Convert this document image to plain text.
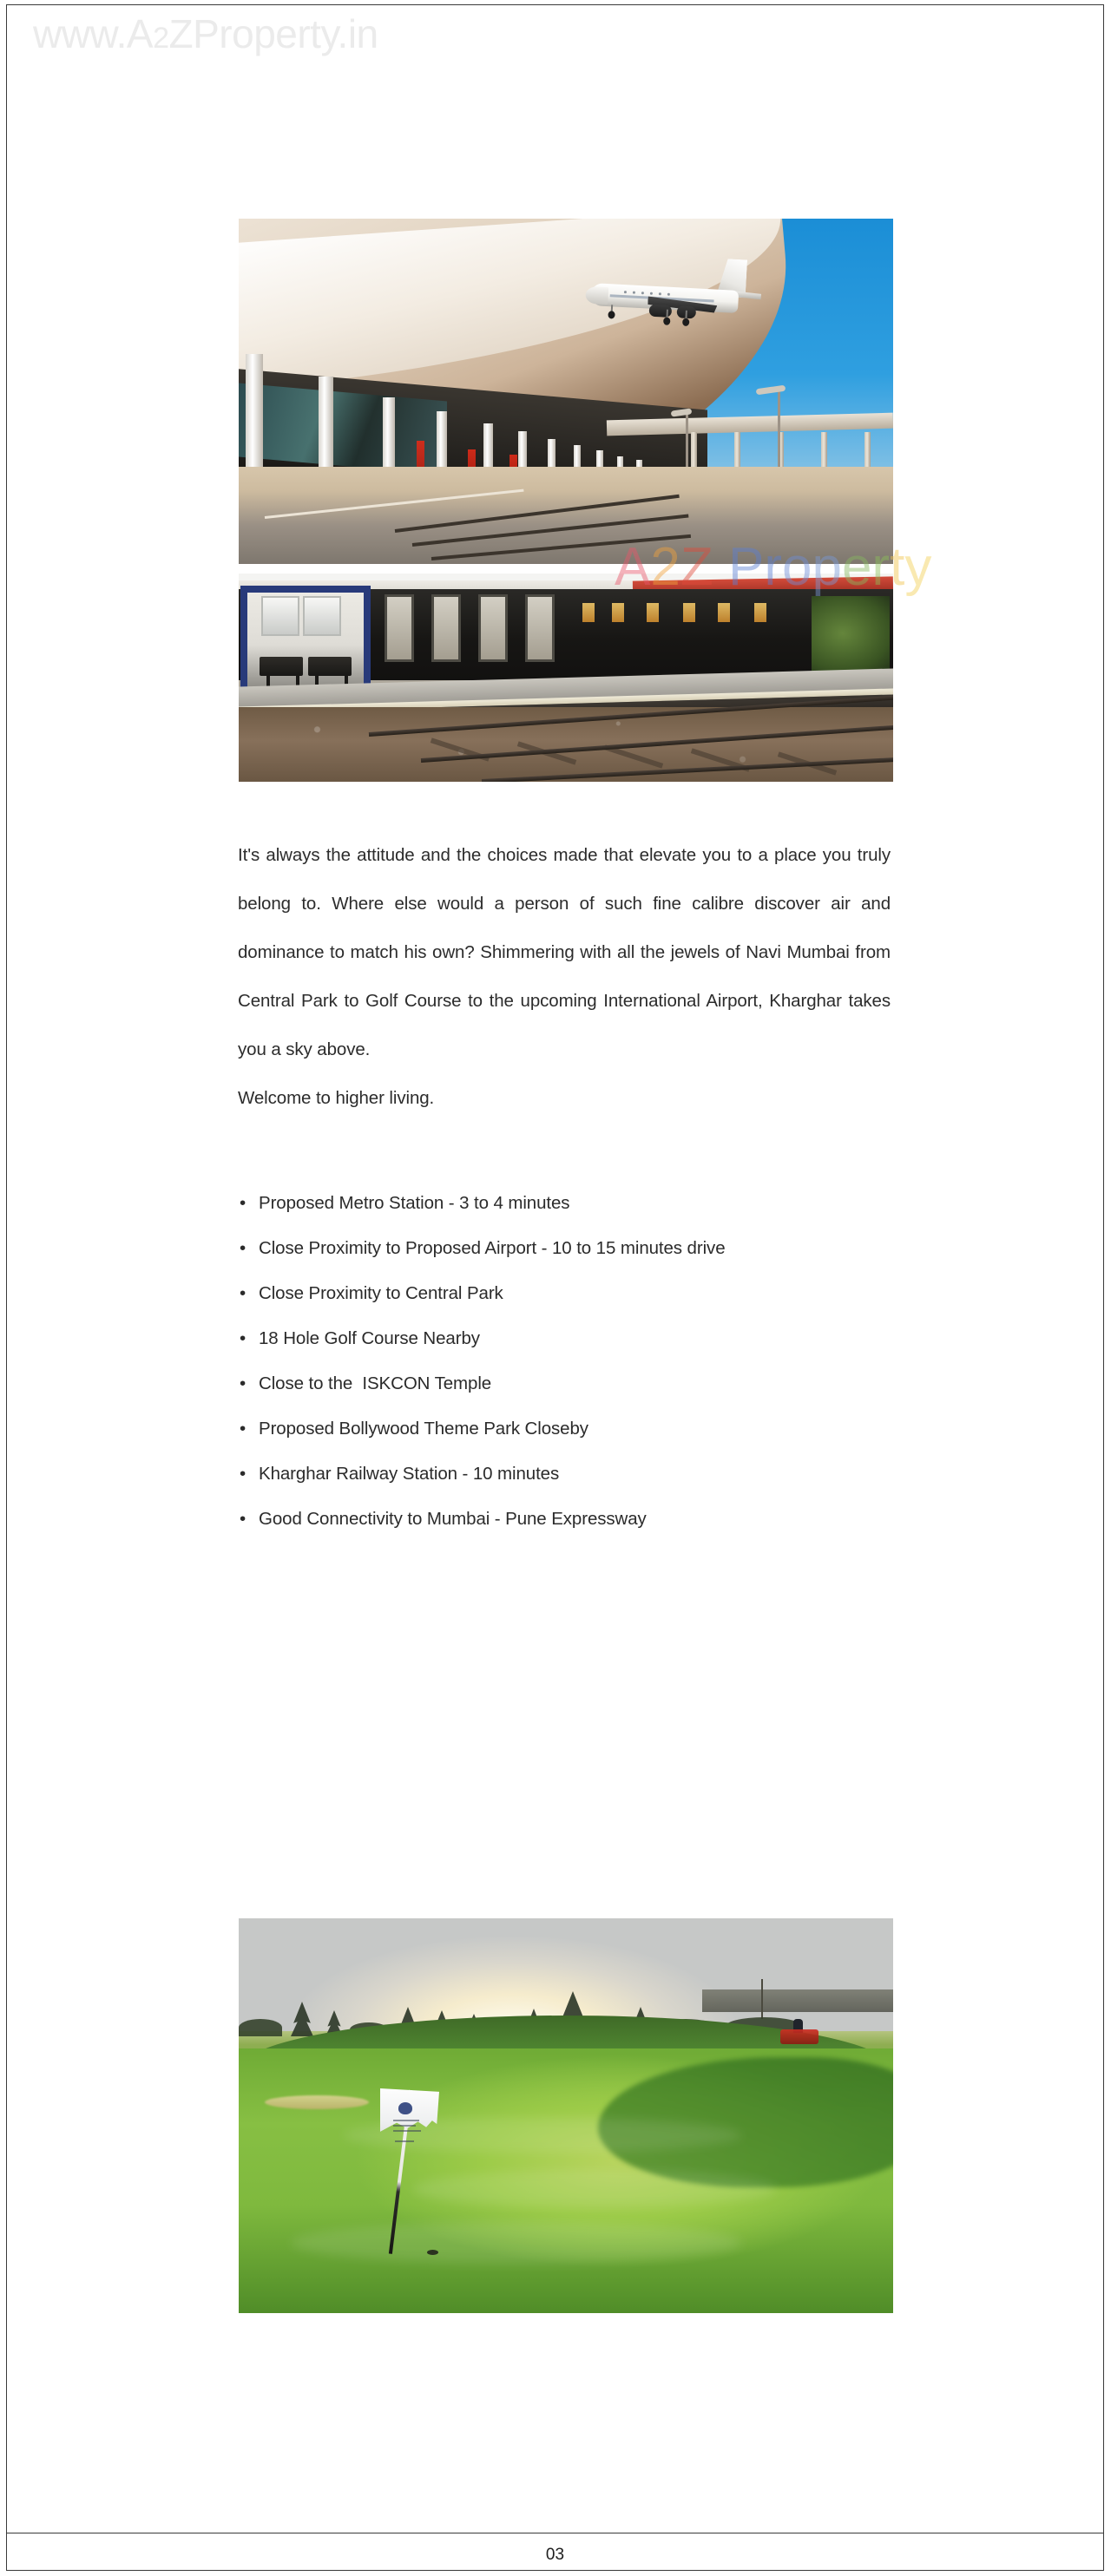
www.A2ZProperty.in
A2Z Property
It's always the attitude and the choices made that elevate you to a place you truly belong to. Where else would a person of such fine calibre discover air and dominance to match his own? Shimmering with all the jewels of Navi Mumbai from Central Park to Golf Course to the upcoming International Airport, Kharghar takes you a sky above.
Welcome to higher living.
• Proposed Metro Station - 3 to 4 minutes
• Close Proximity to Proposed Airport - 10 to 15 minutes drive
• Close Proximity to Central Park
• 18 Hole Golf Course Nearby
• Close to the  ISKCON Temple
• Proposed Bollywood Theme Park Closeby
• Kharghar Railway Station - 10 minutes
• Good Connectivity to Mumbai - Pune Expressway
03
